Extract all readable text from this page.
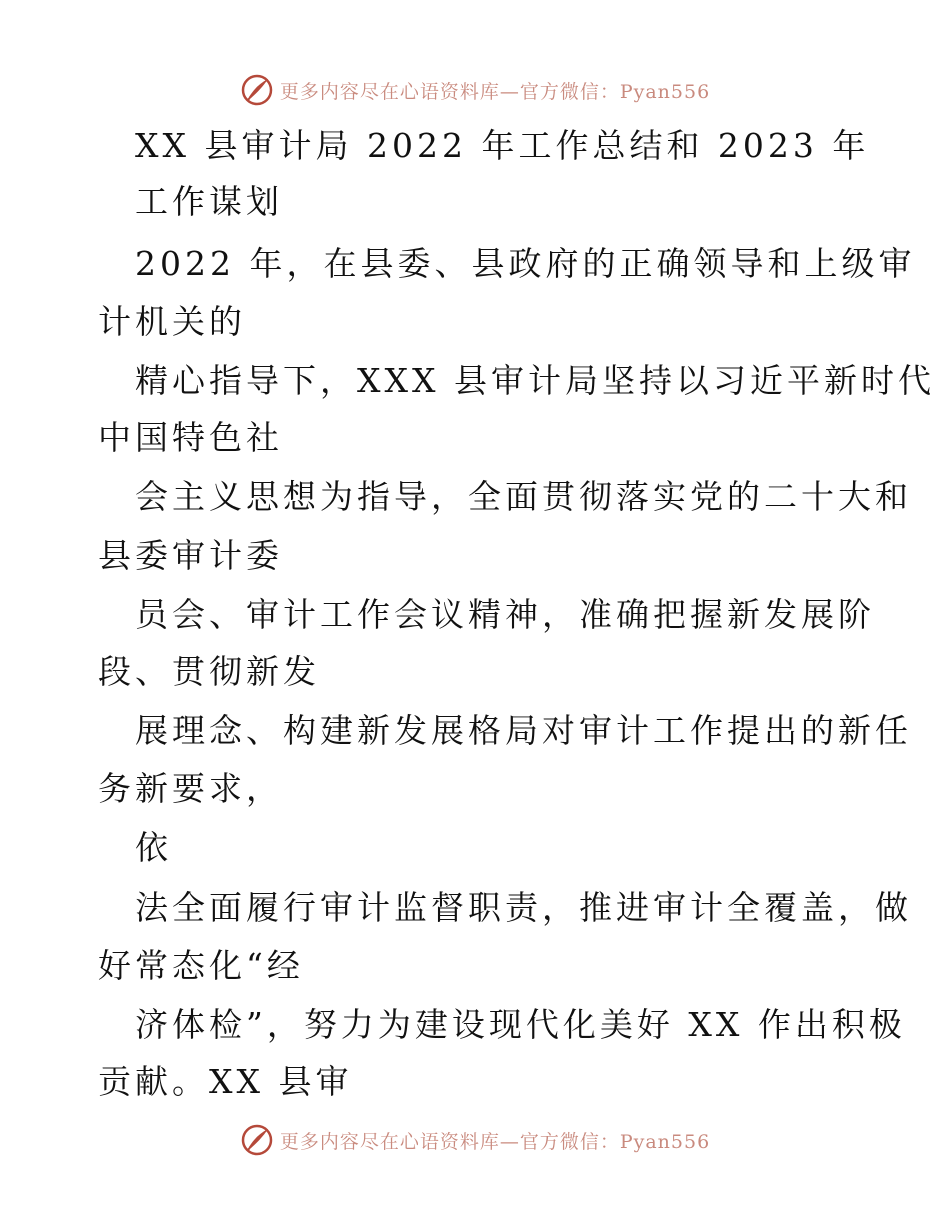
更多内容尽在心语资料库—官方微信：Pyan556
XX 县审计局 2022 年工作总结和 2023 年
工作谋划
2022 年，在县委、县政府的正确领导和上级审
计机关的
精心指导下，XXX 县审计局坚持以习近平新时代
中国特色社
会主义思想为指导，全面贯彻落实党的二十大和
县委审计委
员会、审计工作会议精神，准确把握新发展阶
段、贯彻新发
展理念、构建新发展格局对审计工作提出的新任
务新要求，
依
法全面履行审计监督职责，推进审计全覆盖，做
好常态化“经
济体检”，努力为建设现代化美好 XX 作出积极
贡献。XX 县审
更多内容尽在心语资料库—官方微信：Pyan556
